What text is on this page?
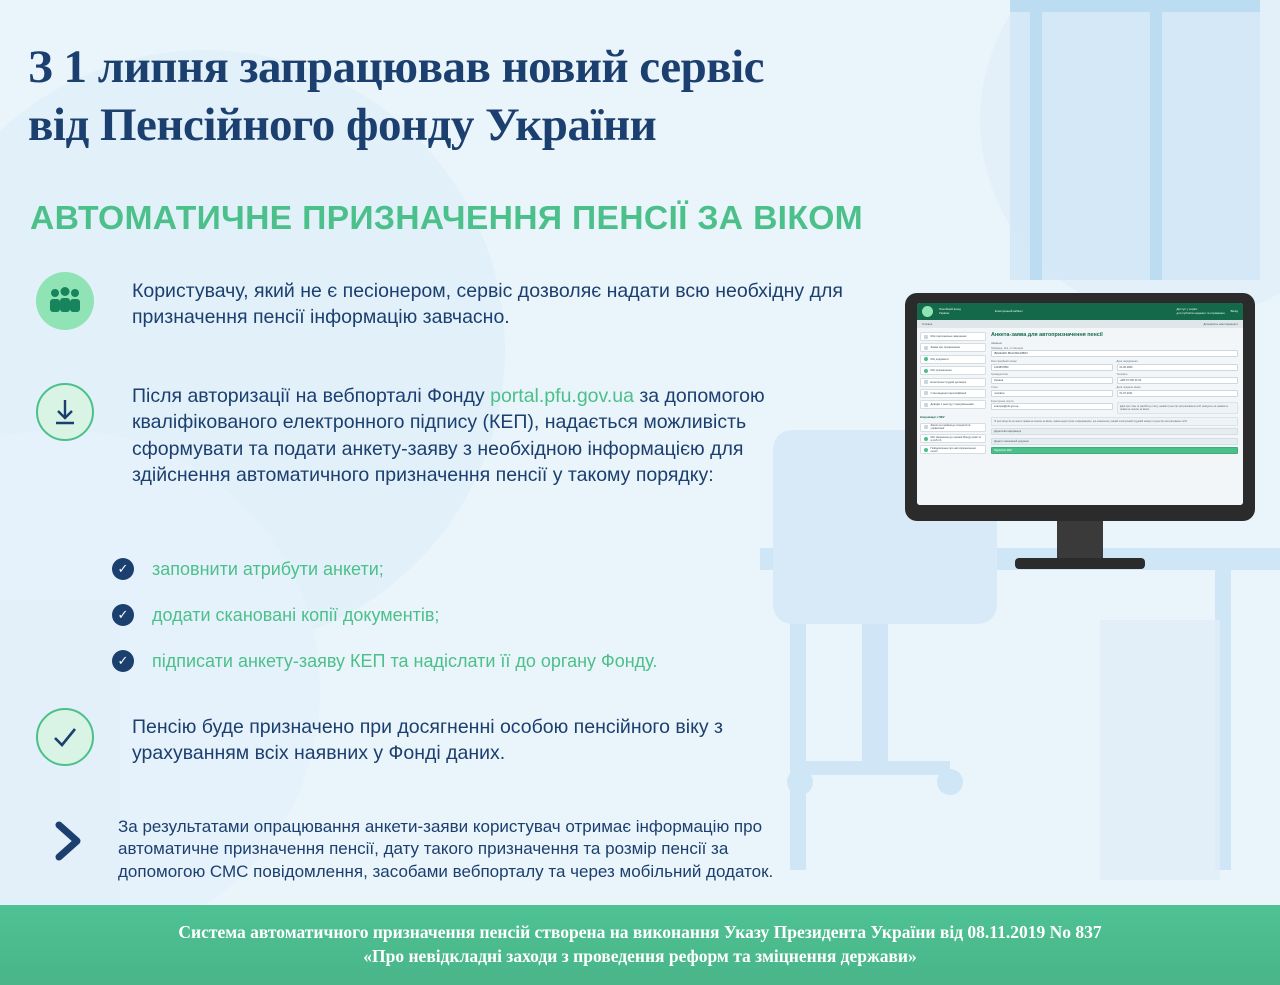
З 1 липня запрацював новий сервіс
від Пенсійного фонду України
АВТОМАТИЧНЕ ПРИЗНАЧЕННЯ ПЕНСІЇ ЗА ВІКОМ
Користувачу, який не є песіонером, сервіс дозволяє надати всю необхідну для призначення пенсії інформацію завчасно.
Після авторизації на вебпорталі Фонду portal.pfu.gov.ua за допомогою кваліфікованого електронного підпису (КЕП), надається можливість сформувати та подати анкету-заяву з необхідною інформацією для здійснення автоматичного призначення пенсії у такому порядку:
✓	заповнити атрибути анкети;
✓	додати скановані копії документів;
✓	підписати анкету-заяву КЕП та надіслати її до органу Фонду.
Пенсію буде призначено при досягненні особою пенсійного віку з урахуванням всіх наявних у Фонді даних.
За результатами опрацювання анкети-заяви користувач отримає інформацію про автоматичне призначення пенсії, дату такого призначення та розмір пенсії за допомогою СМС повідомлення, засобами вебпорталу та через мобільний додаток.
Пенсійний фонд
України	Електронний кабінет	Доступ у сервіс
для суб'єктів надання та отримання Вихід
Головна	Допоможіть нам покращити
Моє персональне звернення
Заява про призначення
Мої документи
Мої призначення
Електронні трудові договори
Стан ведення персоніфікації
Довідки з реєстру страхувальників
Комунікації з ПФУ
Запис на прийом до спеціаліста управління
Мої звернення до органів Фонду (нові та в роботі)
Повідомлення про автопризначення пенсії
Анкета-заява для автопризначення пенсії
Заявник
Прізвище, ім'я, по батькові
ІВАНЕНКО ІВАН ІВАНОВИЧ
Реєстраційний номер
1234567890
Дата народження
01.06.1960
Громадянство
Україна
Телефон
+380 67 000 00 00
Стать
чоловіча
Дата подання заяви
01.07.2021
Електронна пошта
example@pfu.gov.ua	Дані про стаж та заробітну плату, наявні в реєстрі застрахованих осіб, вказують на наявність права на пенсію за віком.
В разі якщо ви не маєте права на пенсію за віком, заява недоступна з інформацією, що зазначена у вашій електронній трудовій книжці та реєстрі застрахованих осіб.
Додаткова інформація
Додати сканований документ
Підписати КЕП
Система автоматичного призначення пенсій створена на виконання Указу Президента України від 08.11.2019 No 837
«Про невідкладні заходи з проведення реформ та зміцнення держави»
